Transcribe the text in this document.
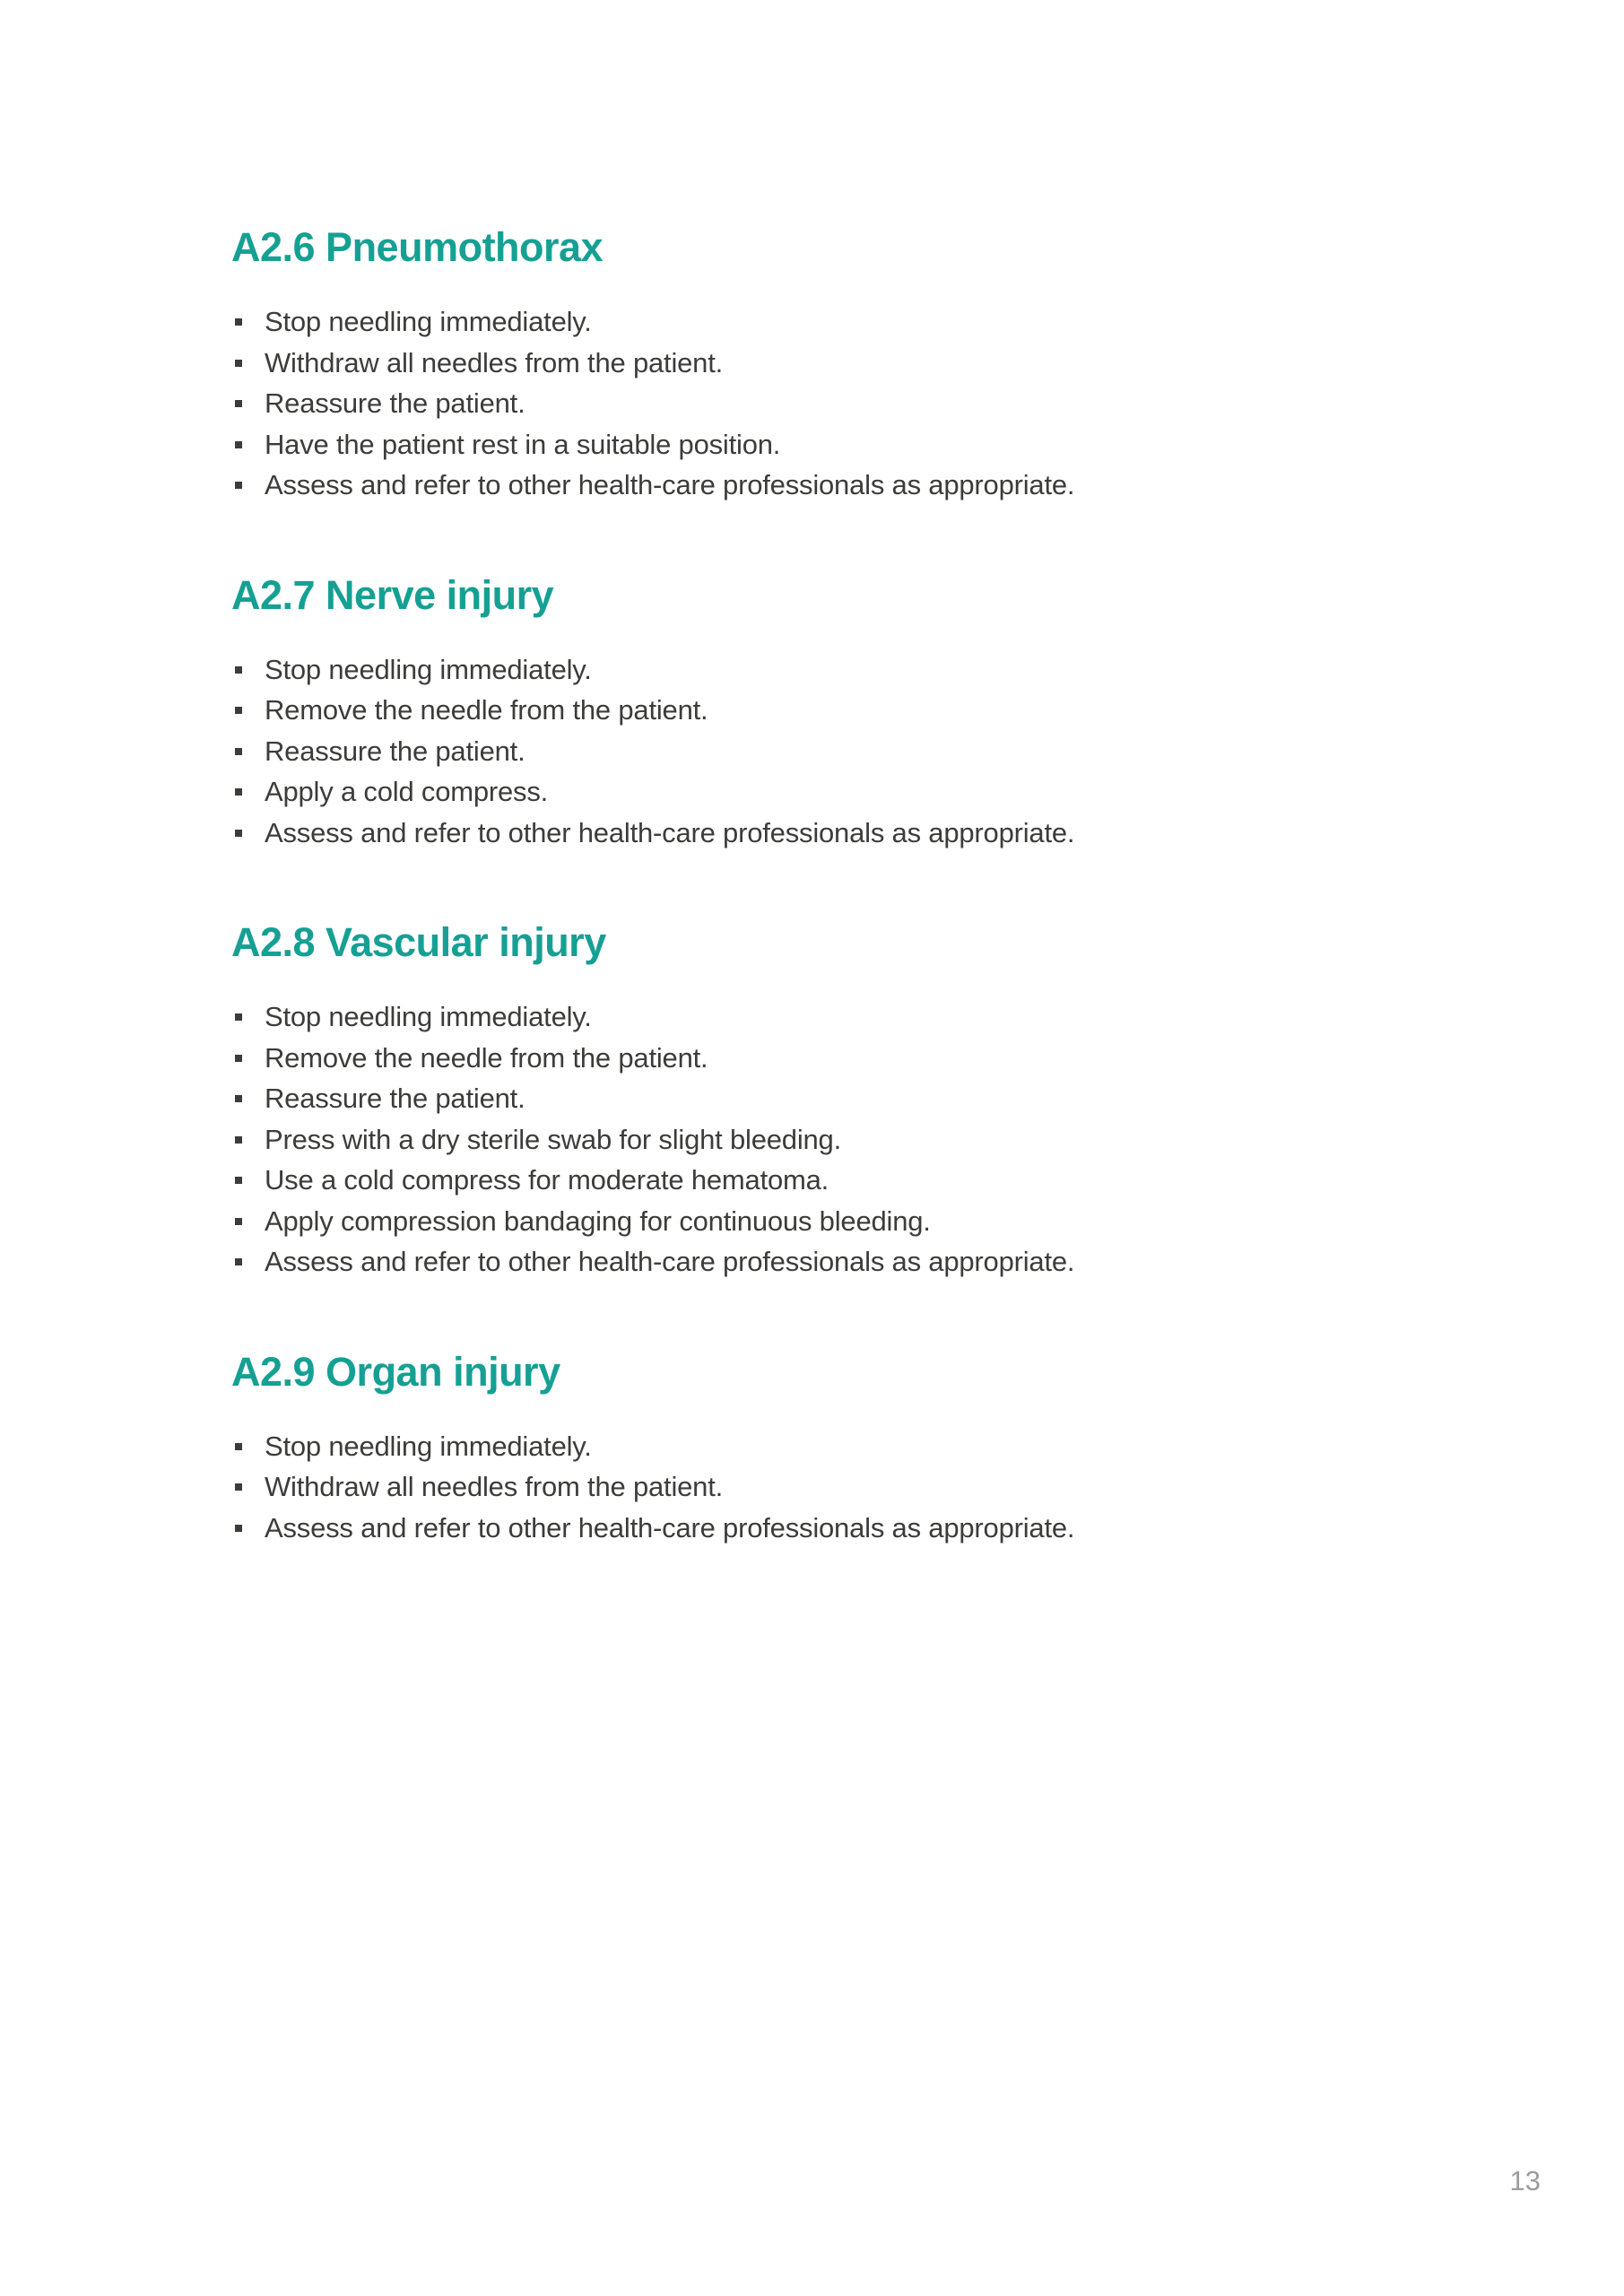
A2.6 Pneumothorax
Stop needling immediately.
Withdraw all needles from the patient.
Reassure the patient.
Have the patient rest in a suitable position.
Assess and refer to other health-care professionals as appropriate.
A2.7 Nerve injury
Stop needling immediately.
Remove the needle from the patient.
Reassure the patient.
Apply a cold compress.
Assess and refer to other health-care professionals as appropriate.
A2.8 Vascular injury
Stop needling immediately.
Remove the needle from the patient.
Reassure the patient.
Press with a dry sterile swab for slight bleeding.
Use a cold compress for moderate hematoma.
Apply compression bandaging for continuous bleeding.
Assess and refer to other health-care professionals as appropriate.
A2.9 Organ injury
Stop needling immediately.
Withdraw all needles from the patient.
Assess and refer to other health-care professionals as appropriate.
13
